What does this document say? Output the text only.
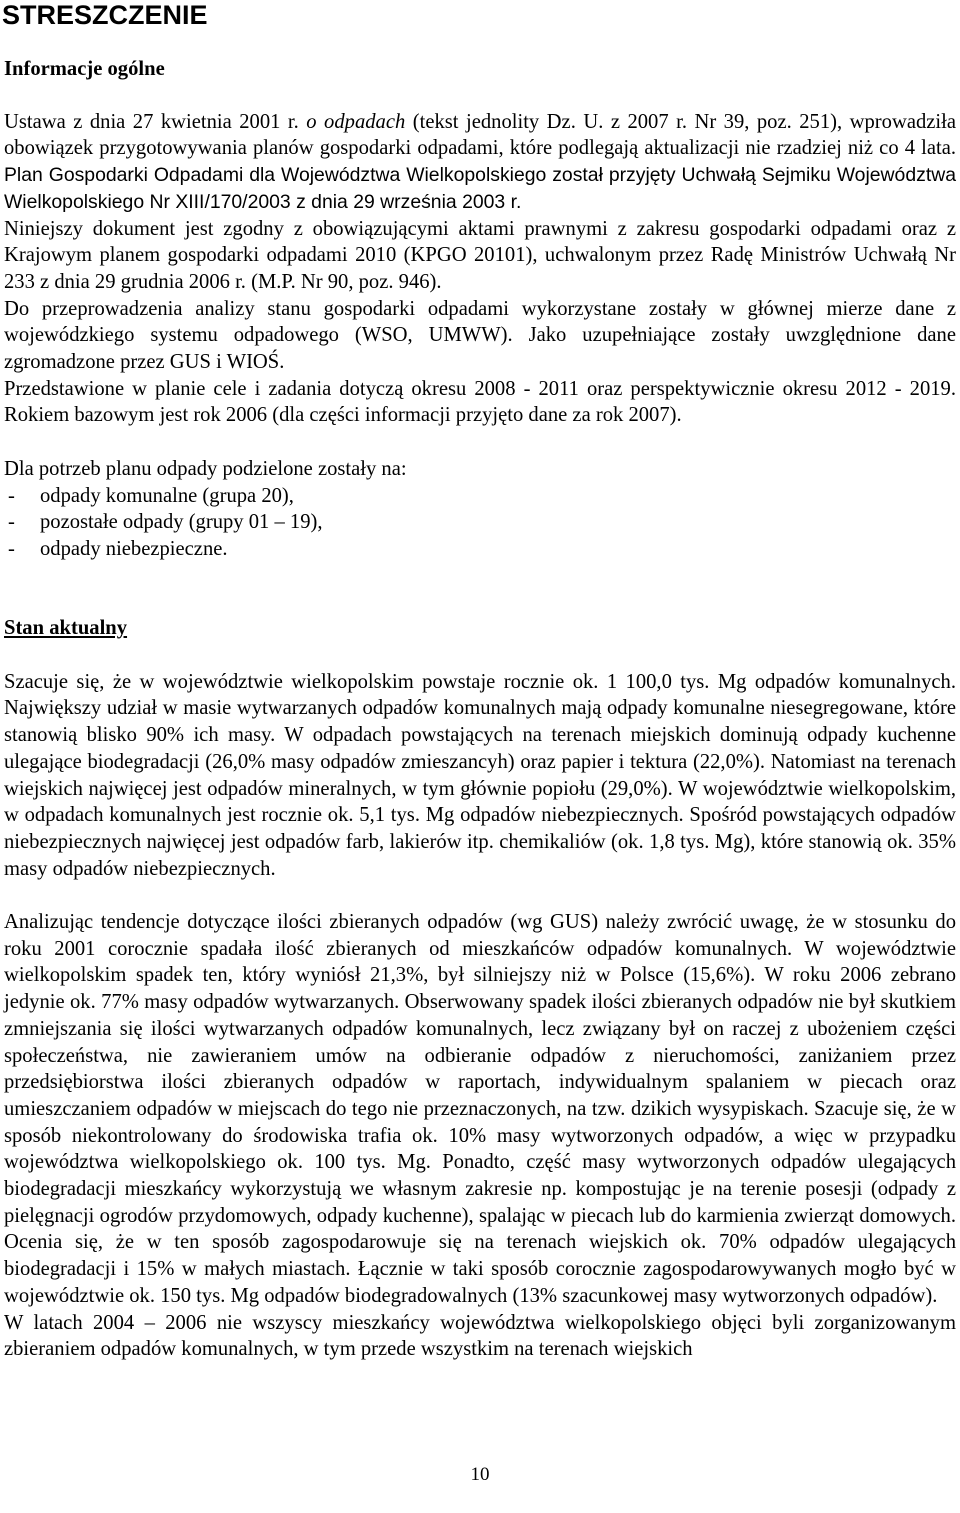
STRESZCZENIE
Informacje ogólne

Ustawa z dnia 27 kwietnia 2001 r. o odpadach (tekst jednolity Dz. U. z 2007 r. Nr 39, poz. 251), wprowadziła obowiązek przygotowywania planów gospodarki odpadami, które podlegają aktualizacji nie rzadziej niż co 4 lata. Plan Gospodarki Odpadami dla Województwa Wielkopolskiego został przyjęty Uchwałą Sejmiku Województwa Wielkopolskiego Nr XIII/170/2003 z dnia 29 września 2003 r.

Niniejszy dokument jest zgodny z obowiązującymi aktami prawnymi z zakresu gospodarki odpadami oraz z Krajowym planem gospodarki odpadami 2010 (KPGO 20101), uchwalonym przez Radę Ministrów Uchwałą Nr 233 z dnia 29 grudnia 2006 r. (M.P. Nr 90, poz. 946).

Do przeprowadzenia analizy stanu gospodarki odpadami wykorzystane zostały w głównej mierze dane z wojewódzkiego systemu odpadowego (WSO, UMWW). Jako uzupełniające zostały uwzględnione dane zgromadzone przez GUS i WIOŚ.

Przedstawione w planie cele i zadania dotyczą okresu 2008 - 2011 oraz perspektywicznie okresu 2012 - 2019. Rokiem bazowym jest rok 2006 (dla części informacji przyjęto dane za rok 2007).

Dla potrzeb planu odpady podzielone zostały na:

-	odpady komunalne (grupa 20),
-	pozostałe odpady (grupy 01 – 19),
-	odpady niebezpieczne.
Stan aktualny

Szacuje się, że w województwie wielkopolskim powstaje rocznie ok. 1 100,0 tys. Mg odpadów komunalnych. Największy udział w masie wytwarzanych odpadów komunalnych mają odpady komunalne niesegregowane, które stanowią blisko 90% ich masy. W odpadach powstających na terenach miejskich dominują odpady kuchenne ulegające biodegradacji (26,0% masy odpadów zmieszancyh) oraz papier i tektura (22,0%). Natomiast na terenach wiejskich najwięcej jest odpadów mineralnych, w tym głównie popiołu (29,0%). W województwie wielkopolskim, w odpadach komunalnych jest rocznie ok. 5,1 tys. Mg odpadów niebezpiecznych. Spośród powstających odpadów niebezpiecznych najwięcej jest odpadów farb, lakierów itp. chemikaliów (ok. 1,8 tys. Mg), które stanowią ok. 35% masy odpadów niebezpiecznych.

Analizując tendencje dotyczące ilości zbieranych odpadów (wg GUS) należy zwrócić uwagę, że w stosunku do roku 2001 corocznie spadała ilość zbieranych od mieszkańców odpadów komunalnych. W województwie wielkopolskim spadek ten, który wyniósł 21,3%, był silniejszy niż w Polsce (15,6%). W roku 2006 zebrano jedynie ok. 77% masy odpadów wytwarzanych. Obserwowany spadek ilości zbieranych odpadów nie był skutkiem zmniejszania się ilości wytwarzanych odpadów komunalnych, lecz związany był on raczej z ubożeniem części społeczeństwa, nie zawieraniem umów na odbieranie odpadów z nieruchomości, zaniżaniem przez przedsiębiorstwa ilości zbieranych odpadów w raportach, indywidualnym spalaniem w piecach oraz umieszczaniem odpadów w miejscach do tego nie przeznaczonych, na tzw. dzikich wysypiskach. Szacuje się, że w sposób niekontrolowany do środowiska trafia ok. 10% masy wytworzonych odpadów, a więc w przypadku województwa wielkopolskiego ok. 100 tys. Mg. Ponadto, część masy wytworzonych odpadów ulegających biodegradacji mieszkańcy wykorzystują we własnym zakresie np. kompostując je na terenie posesji (odpady z pielęgnacji ogrodów przydomowych, odpady kuchenne), spalając w piecach lub do karmienia zwierząt domowych. Ocenia się, że w ten sposób zagospodarowuje się na terenach wiejskich ok. 70% odpadów ulegających biodegradacji i 15% w małych miastach. Łącznie w taki sposób corocznie zagospodarowywanych mogło być w województwie ok. 150 tys. Mg odpadów biodegradowalnych (13% szacunkowej masy wytworzonych odpadów).

W latach 2004 – 2006 nie wszyscy mieszkańcy województwa wielkopolskiego objęci byli zorganizowanym zbieraniem odpadów komunalnych, w tym przede wszystkim na terenach wiejskich

10
